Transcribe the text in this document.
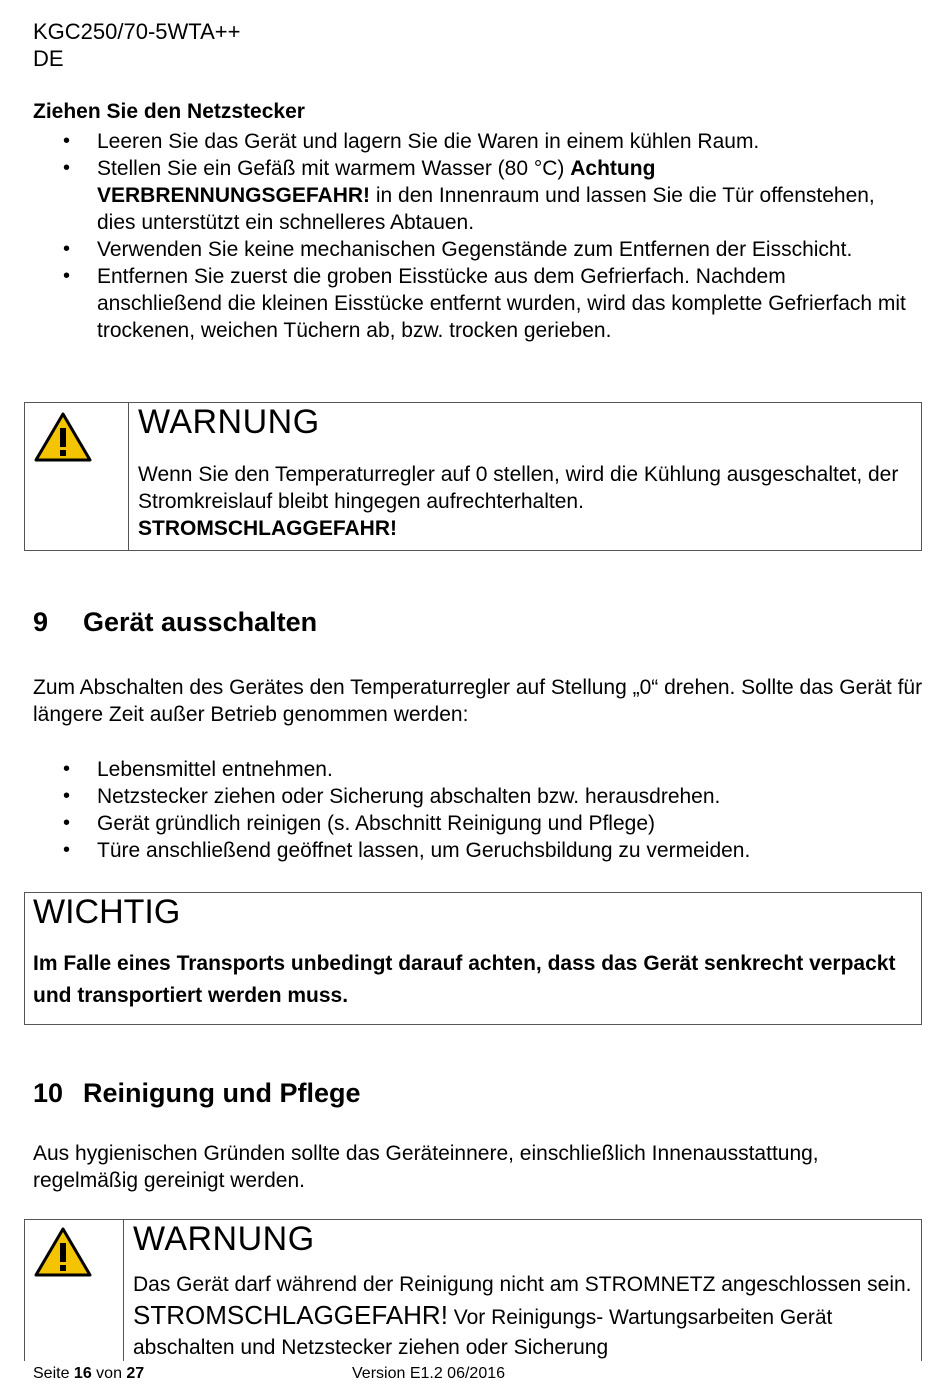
KGC250/70-5WTA++
DE
Ziehen Sie den Netzstecker
• Leeren Sie das Gerät und lagern Sie die Waren in einem kühlen Raum.
• Stellen Sie ein Gefäß mit warmem Wasser (80 °C) Achtung VERBRENNUNGSGEFAHR! in den Innenraum und lassen Sie die Tür offenstehen, dies unterstützt ein schnelleres Abtauen.
• Verwenden Sie keine mechanischen Gegenstände zum Entfernen der Eisschicht.
• Entfernen Sie zuerst die groben Eisstücke aus dem Gefrierfach. Nachdem anschließend die kleinen Eisstücke entfernt wurden, wird das komplette Gefrierfach mit trockenen, weichen Tüchern ab, bzw. trocken gerieben.
WARNUNG
Wenn Sie den Temperaturregler auf 0 stellen, wird die Kühlung ausgeschaltet, der Stromkreislauf bleibt hingegen aufrechterhalten.
STROMSCHLAGGEFAHR!
9 Gerät ausschalten
Zum Abschalten des Gerätes den Temperaturregler auf Stellung „0“ drehen. Sollte das Gerät für längere Zeit außer Betrieb genommen werden:
• Lebensmittel entnehmen.
• Netzstecker ziehen oder Sicherung abschalten bzw. herausdrehen.
• Gerät gründlich reinigen (s. Abschnitt Reinigung und Pflege)
• Türe anschließend geöffnet lassen, um Geruchsbildung zu vermeiden.
WICHTIG
Im Falle eines Transports unbedingt darauf achten, dass das Gerät senkrecht verpackt und transportiert werden muss.
10 Reinigung und Pflege
Aus hygienischen Gründen sollte das Geräteinnere, einschließlich Innenausstattung, regelmäßig gereinigt werden.
WARNUNG
Das Gerät darf während der Reinigung nicht am STROMNETZ angeschlossen sein. STROMSCHLAGGEFAHR! Vor Reinigungs- Wartungsarbeiten Gerät abschalten und Netzstecker ziehen oder Sicherung
Seite 16 von 27	Version E1.2 06/2016
